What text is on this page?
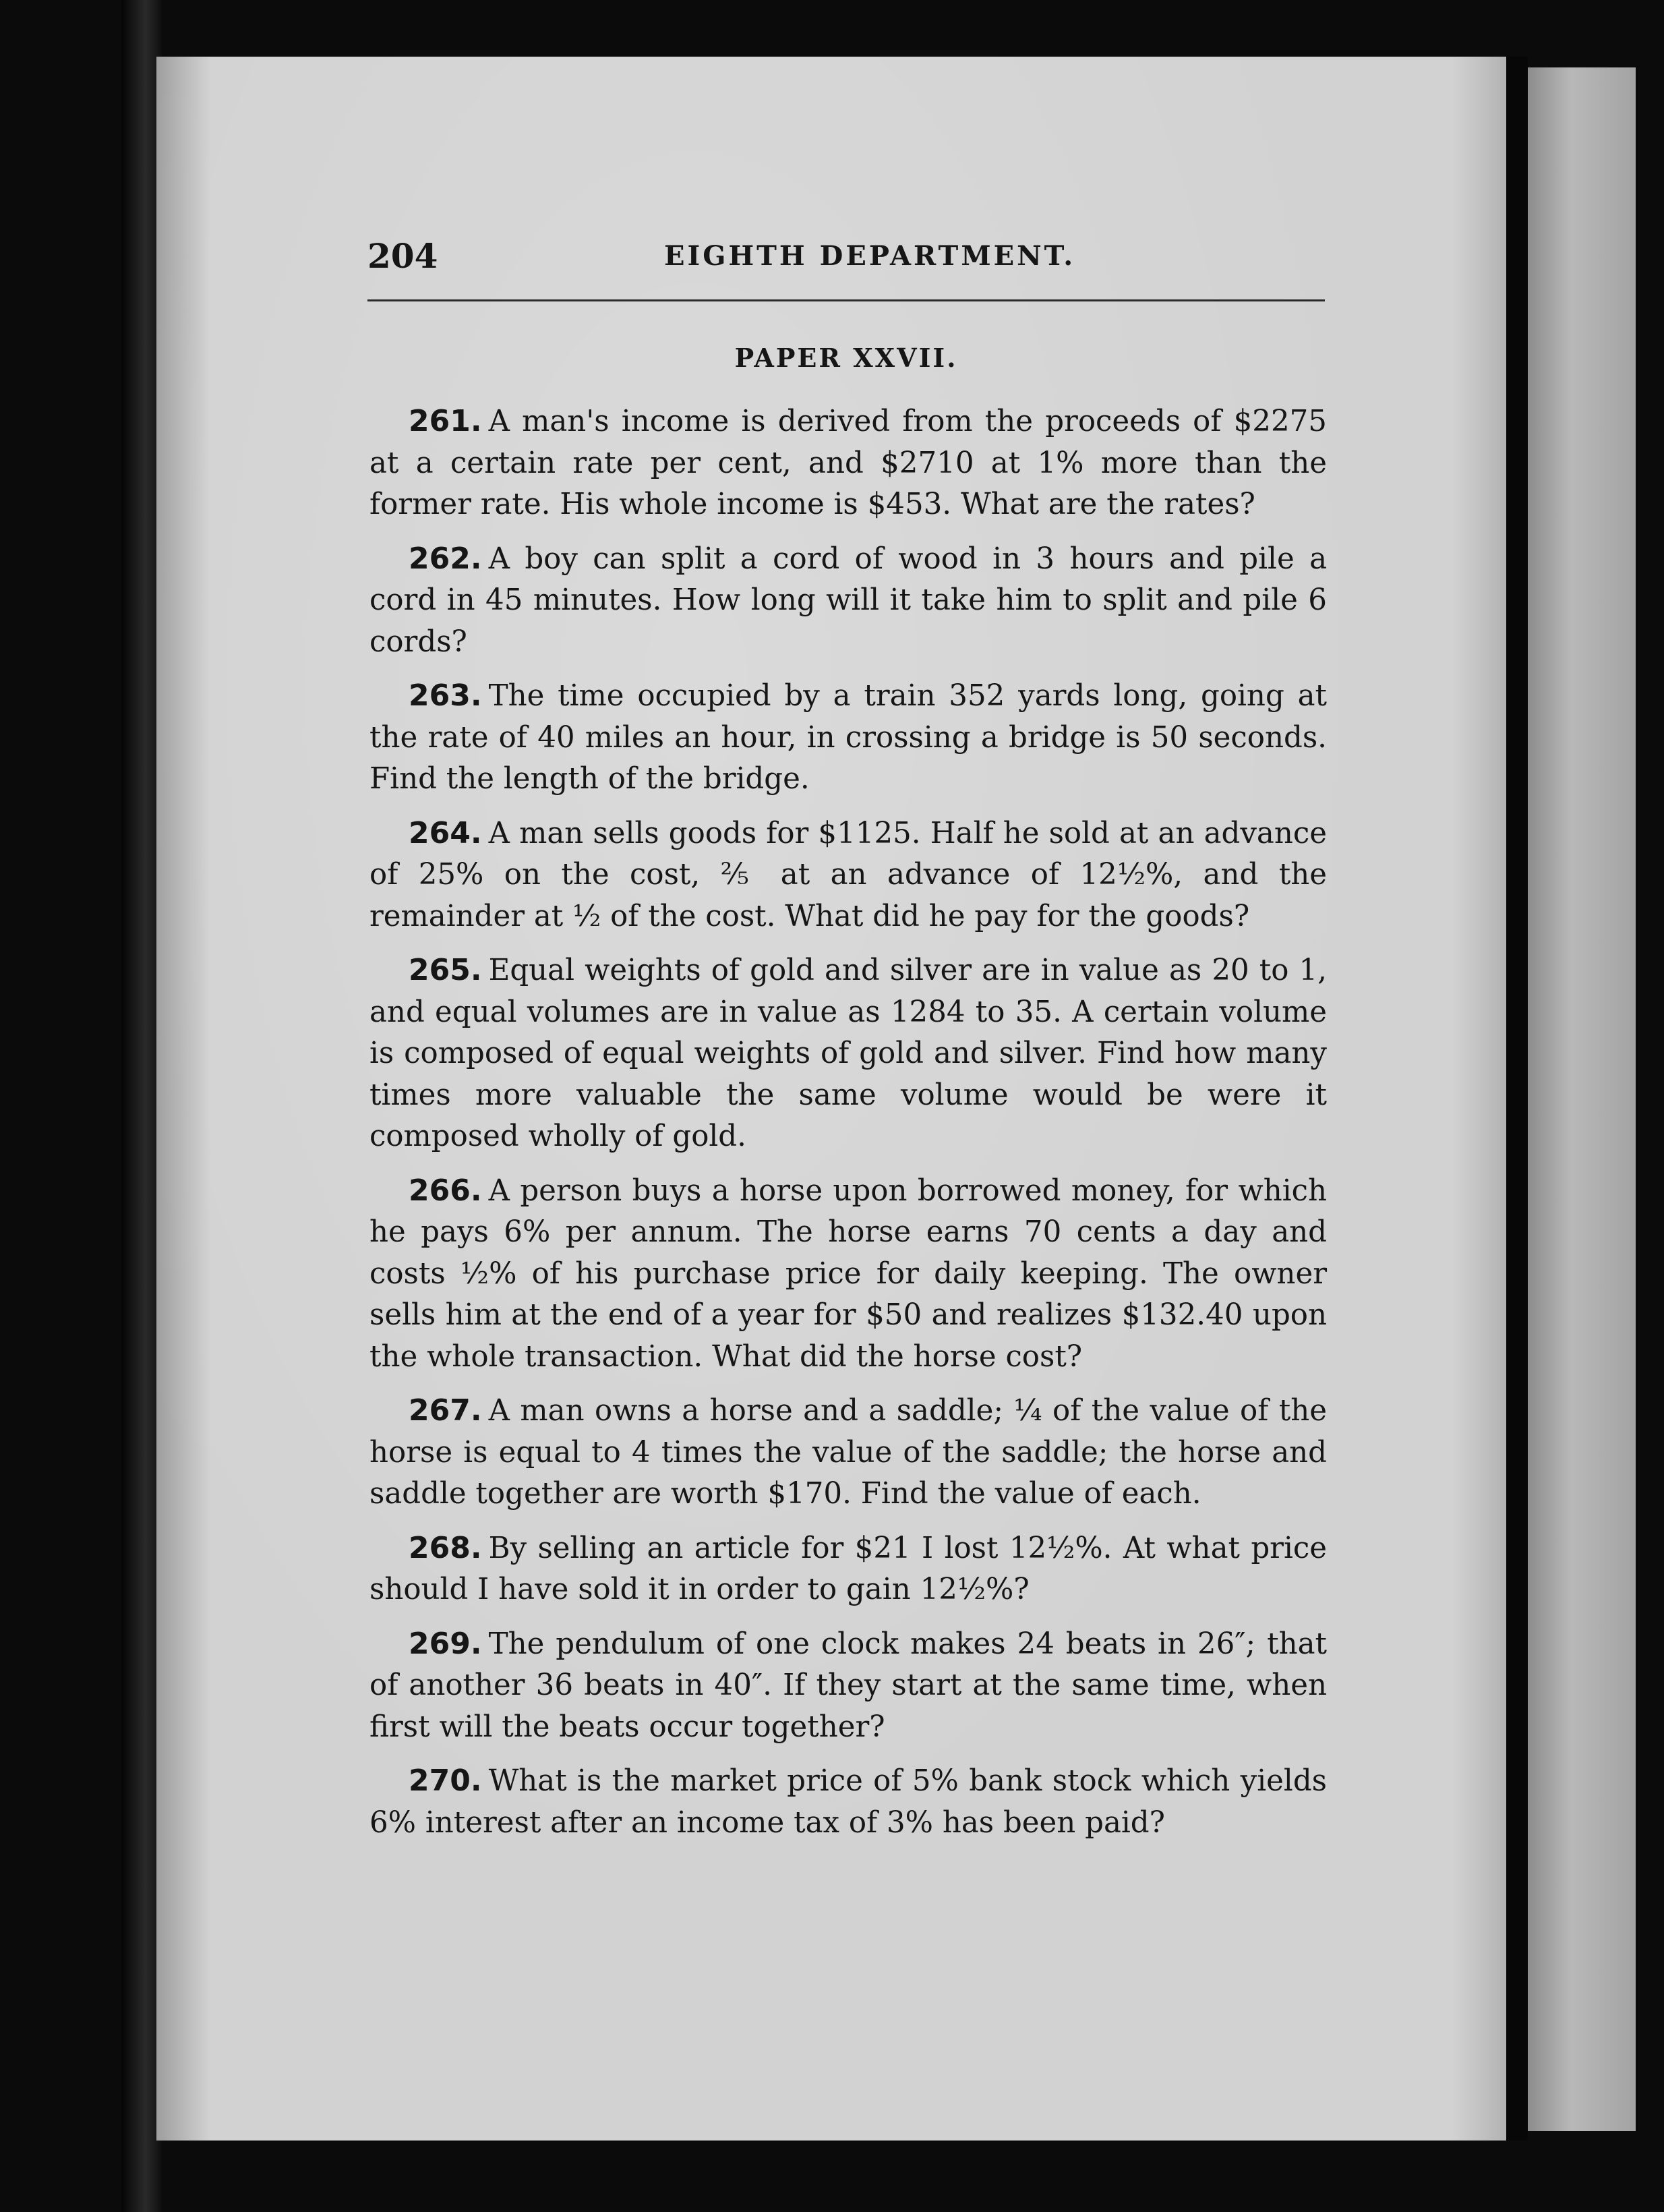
204	EIGHTH DEPARTMENT.
PAPER XXVII.

261. A man's income is derived from the proceeds of $2275 at a certain rate per cent, and $2710 at 1% more than the former rate. His whole income is $453. What are the rates?

262. A boy can split a cord of wood in 3 hours and pile a cord in 45 minutes. How long will it take him to split and pile 6 cords?

263. The time occupied by a train 352 yards long, going at the rate of 40 miles an hour, in crossing a bridge is 50 seconds. Find the length of the bridge.

264. A man sells goods for $1125. Half he sold at an advance of 25% on the cost, ⅖ at an advance of 12½%, and the remainder at ½ of the cost. What did he pay for the goods?

265. Equal weights of gold and silver are in value as 20 to 1, and equal volumes are in value as 1284 to 35. A certain volume is composed of equal weights of gold and silver. Find how many times more valuable the same volume would be were it composed wholly of gold.

266. A person buys a horse upon borrowed money, for which he pays 6% per annum. The horse earns 70 cents a day and costs ½% of his purchase price for daily keeping. The owner sells him at the end of a year for $50 and realizes $132.40 upon the whole transaction. What did the horse cost?

267. A man owns a horse and a saddle; ¼ of the value of the horse is equal to 4 times the value of the saddle; the horse and saddle together are worth $170. Find the value of each.

268. By selling an article for $21 I lost 12½%. At what price should I have sold it in order to gain 12½%?

269. The pendulum of one clock makes 24 beats in 26″; that of another 36 beats in 40″. If they start at the same time, when first will the beats occur together?

270. What is the market price of 5% bank stock which yields 6% interest after an income tax of 3% has been paid?
